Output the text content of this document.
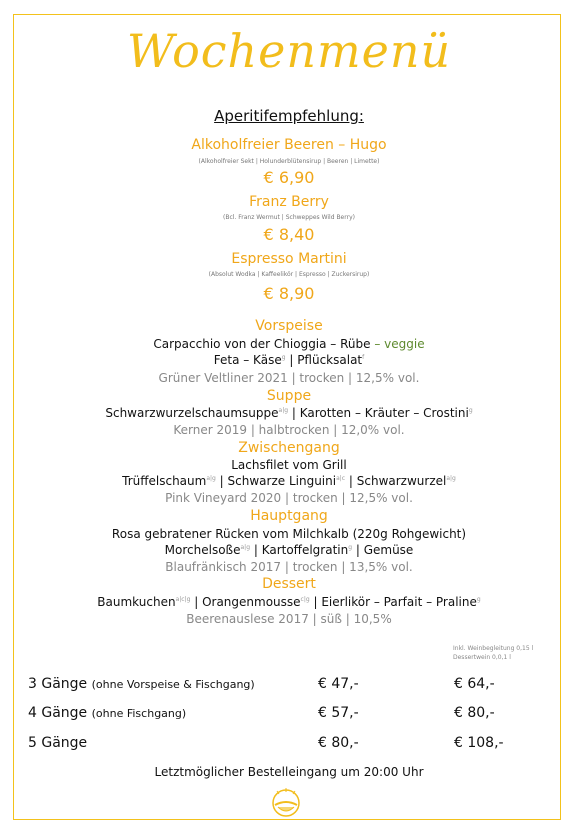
Wochenmenü
Aperitifempfehlung:
Alkoholfreier Beeren – Hugo
(Alkoholfreier Sekt | Holunderblütensirup | Beeren | Limette)
€ 6,90
Franz Berry
(Bcl. Franz Wermut | Schweppes Wild Berry)
€ 8,40
Espresso Martini
(Absolut Wodka | Kaffeelikör | Espresso | Zuckersirup)
€ 8,90
Vorspeise
Carpacchio von der Chioggia – Rübe – veggie
Feta – Käse$^g$ | Pflücksalat$^f$
Grüner Veltliner 2021 | trocken | 12,5% vol.
Suppe
Schwarzwurzelschaumsuppe$^{a|g}$ | Karotten – Kräuter – Crostini$^g$
Kerner 2019 | halbtrocken | 12,0% vol.
Zwischengang
Lachsfilet vom Grill
Trüffelschaum$^{a|g}$ | Schwarze Linguini$^{a|c}$ | Schwarzwurzel$^{a|g}$
Pink Vineyard 2020 | trocken | 12,5% vol.
Hauptgang
Rosa gebratener Rücken vom Milchkalb (220g Rohgewicht)
Morchelsoße$^{a|g}$ | Kartoffelgratin$^g$ | Gemüse
Blaufränkisch 2017 | trocken | 13,5% vol.
Dessert
Baumkuchen$^{a|c|g}$ | Orangenmousse$^{c|g}$ | Eierlikör – Parfait – Praline$^g$
Beerenauslese 2017 | süß | 10,5%
Inkl. Weinbegleitung 0,15 l
Dessertwein 0,0,1 l
3 Gänge (ohne Vorspeise & Fischgang)	€ 47,-	€ 64,-
4 Gänge (ohne Fischgang)	€ 57,-	€ 80,-
5 Gänge	€ 80,-	€ 108,-
Letztmöglicher Bestelleingang um 20:00 Uhr
